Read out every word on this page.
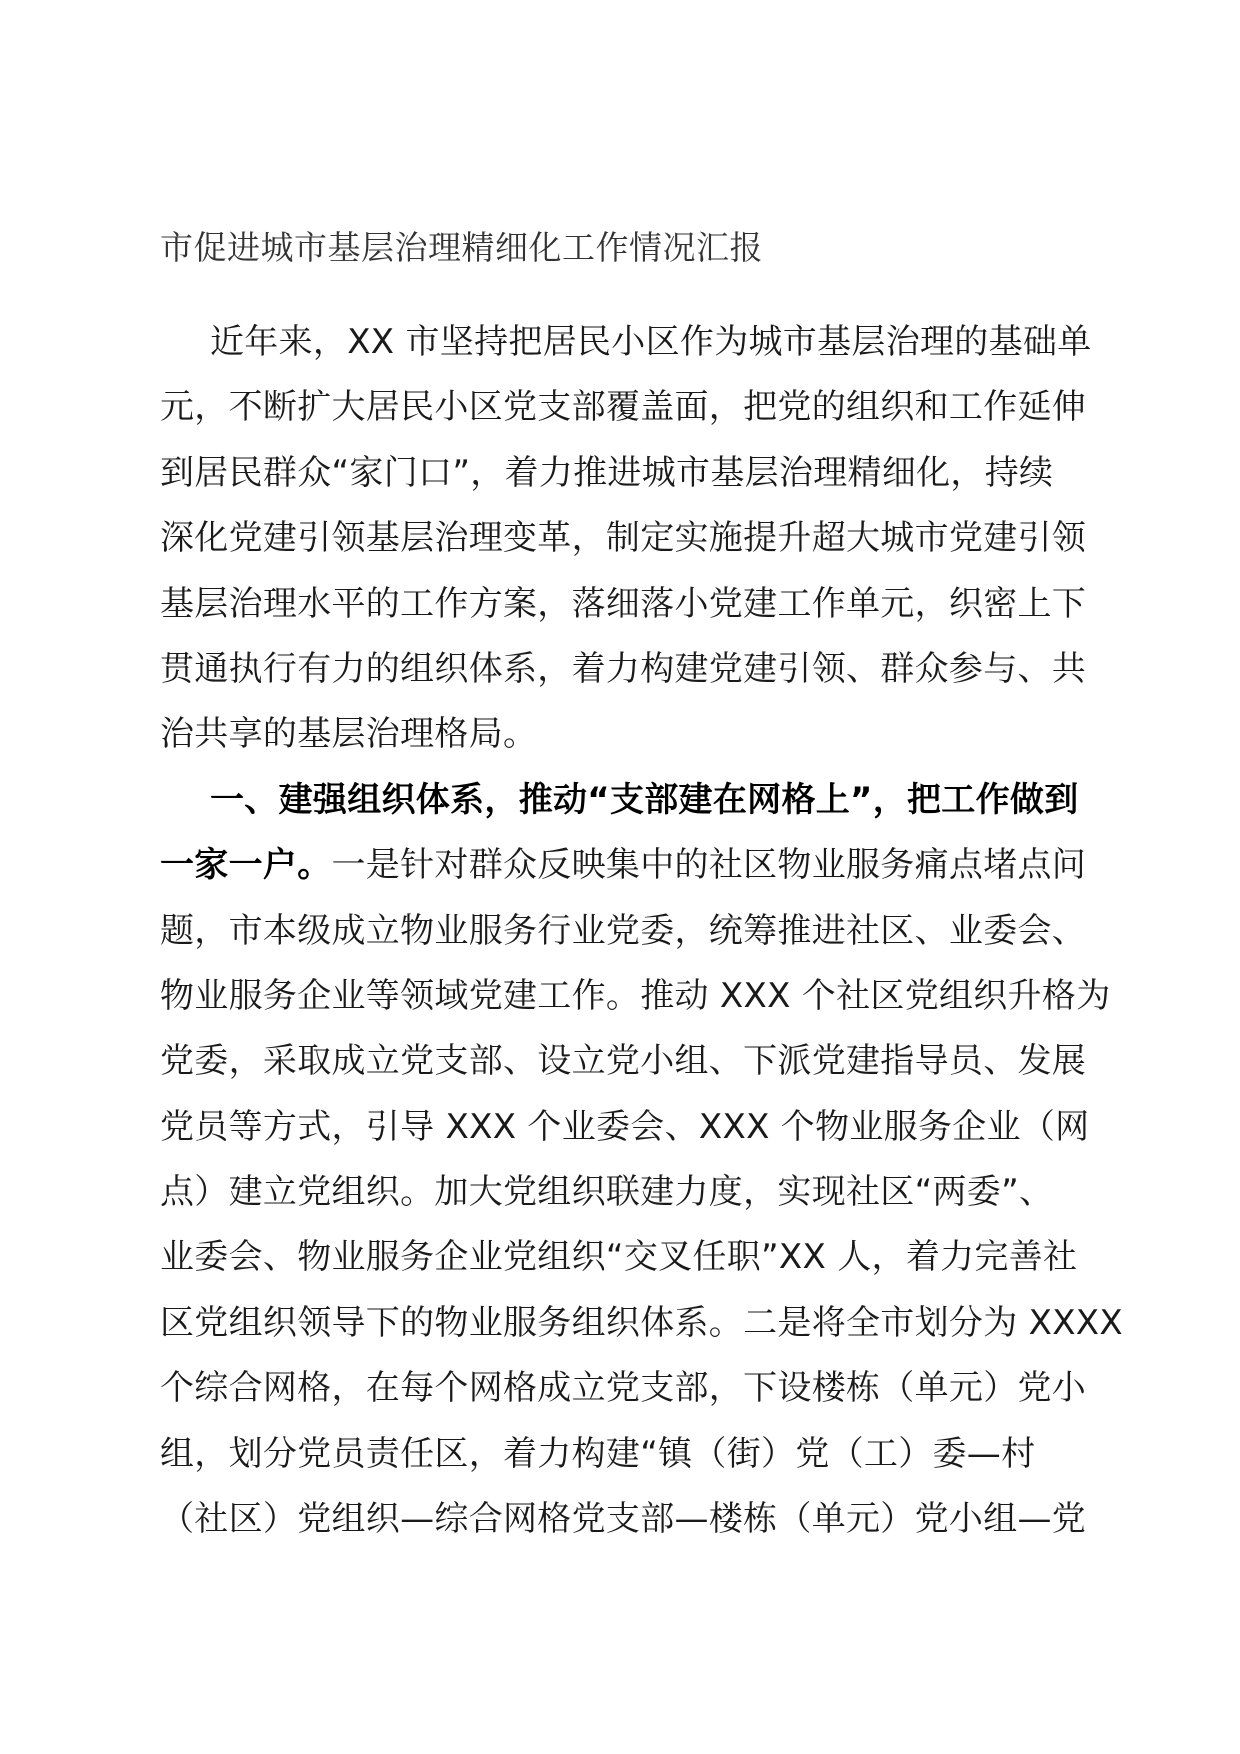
市促进城市基层治理精细化工作情况汇报
近年来，XX 市坚持把居民小区作为城市基层治理的基础单
元，不断扩大居民小区党支部覆盖面，把党的组织和工作延伸
到居民群众“家门口”，着力推进城市基层治理精细化，持续
深化党建引领基层治理变革，制定实施提升超大城市党建引领
基层治理水平的工作方案，落细落小党建工作单元，织密上下
贯通执行有力的组织体系，着力构建党建引领、群众参与、共
治共享的基层治理格局。
一、建强组织体系，推动“支部建在网格上”，把工作做到
一家一户。一是针对群众反映集中的社区物业服务痛点堵点问
题，市本级成立物业服务行业党委，统筹推进社区、业委会、
物业服务企业等领域党建工作。推动 XXX 个社区党组织升格为
党委，采取成立党支部、设立党小组、下派党建指导员、发展
党员等方式，引导 XXX 个业委会、XXX 个物业服务企业（网
点）建立党组织。加大党组织联建力度，实现社区“两委”、
业委会、物业服务企业党组织“交叉任职”XX 人，着力完善社
区党组织领导下的物业服务组织体系。二是将全市划分为 XXXX
个综合网格，在每个网格成立党支部，下设楼栋（单元）党小
组，划分党员责任区，着力构建“镇（街）党（工）委—村
（社区）党组织—综合网格党支部—楼栋（单元）党小组—党
